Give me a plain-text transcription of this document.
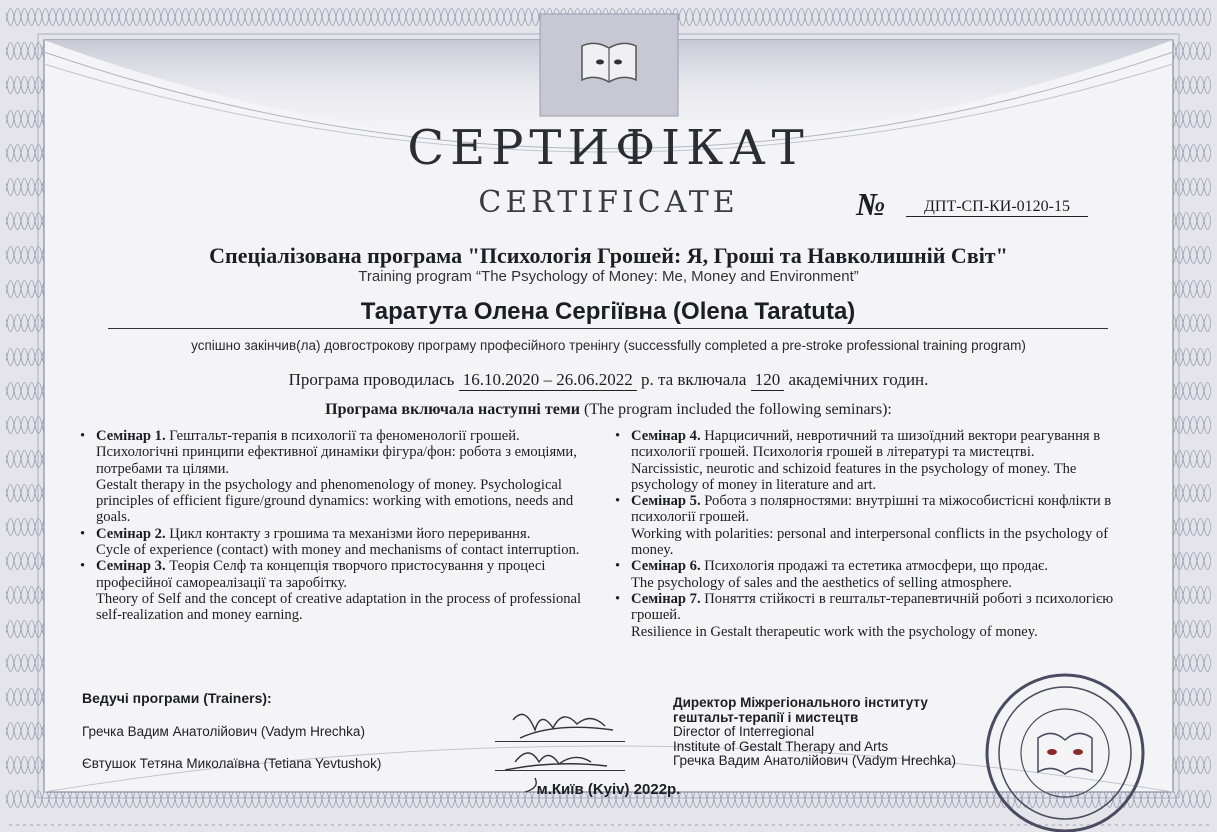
СЕРТИФІКАТ
CERTIFICATE	№	ДПТ-СП-КИ-0120-15
Спеціалізована програма "Психологія Грошей: Я, Гроші та Навколишній Світ"
Training program “The Psychology of Money: Me, Money and Environment”
Таратута Олена Сергіївна (Olena Taratuta)
успішно закінчив(ла) довгострокову програму професійного тренінгу (successfully completed a pre-stroke professional training program)
Програма проводилась 16.10.2020 – 26.06.2022 р. та включала 120 академічних годин.
Програма включала наступні теми (The program included the following seminars):

• Семінар 1. Гештальт-терапія в психології та феноменології грошей. Психологічні принципи ефективної динаміки фігура/фон: робота з емоціями, потребами та цілями.
Gestalt therapy in the psychology and phenomenology of money. Psychological principles of efficient figure/ground dynamics: working with emotions, needs and goals.

• Семінар 2. Цикл контакту з грошима та механізми його переривання.
Cycle of experience (contact) with money and mechanisms of contact interruption.

• Семінар 3. Теорія Селф та концепція творчого пристосування у процесі професійної самореалізації та заробітку.
Theory of Self and the concept of creative adaptation in the process of professional self-realization and money earning.

• Семінар 4. Нарцисичний, невротичний та шизоїдний вектори реагування в психології грошей. Психологія грошей в літературі та мистецтві.
Narcissistic, neurotic and schizoid features in the psychology of money. The psychology of money in literature and art.

• Семінар 5. Робота з полярностями: внутрішні та міжособистісні конфлікти в психології грошей.
Working with polarities: personal and interpersonal conflicts in the psychology of money.

• Семінар 6. Психологія продажі та естетика атмосфери, що продає.
The psychology of sales and the aesthetics of selling atmosphere.

• Семінар 7. Поняття стійкості в гештальт-терапевтичній роботі з психологією грошей.
Resilience in Gestalt therapeutic work with the psychology of money.

Ведучі програми (Trainers):
Гречка Вадим Анатолійович (Vadym Hrechka)
Євтушок Тетяна Миколаївна (Tetiana Yevtushok)
Директор Міжрегіонального інституту
гештальт-терапії і мистецтв
Director of Interregional
Institute of Gestalt Therapy and Arts
Гречка Вадим Анатолійович (Vadym Hrechka)
м.Київ (Kyiv) 2022р.
